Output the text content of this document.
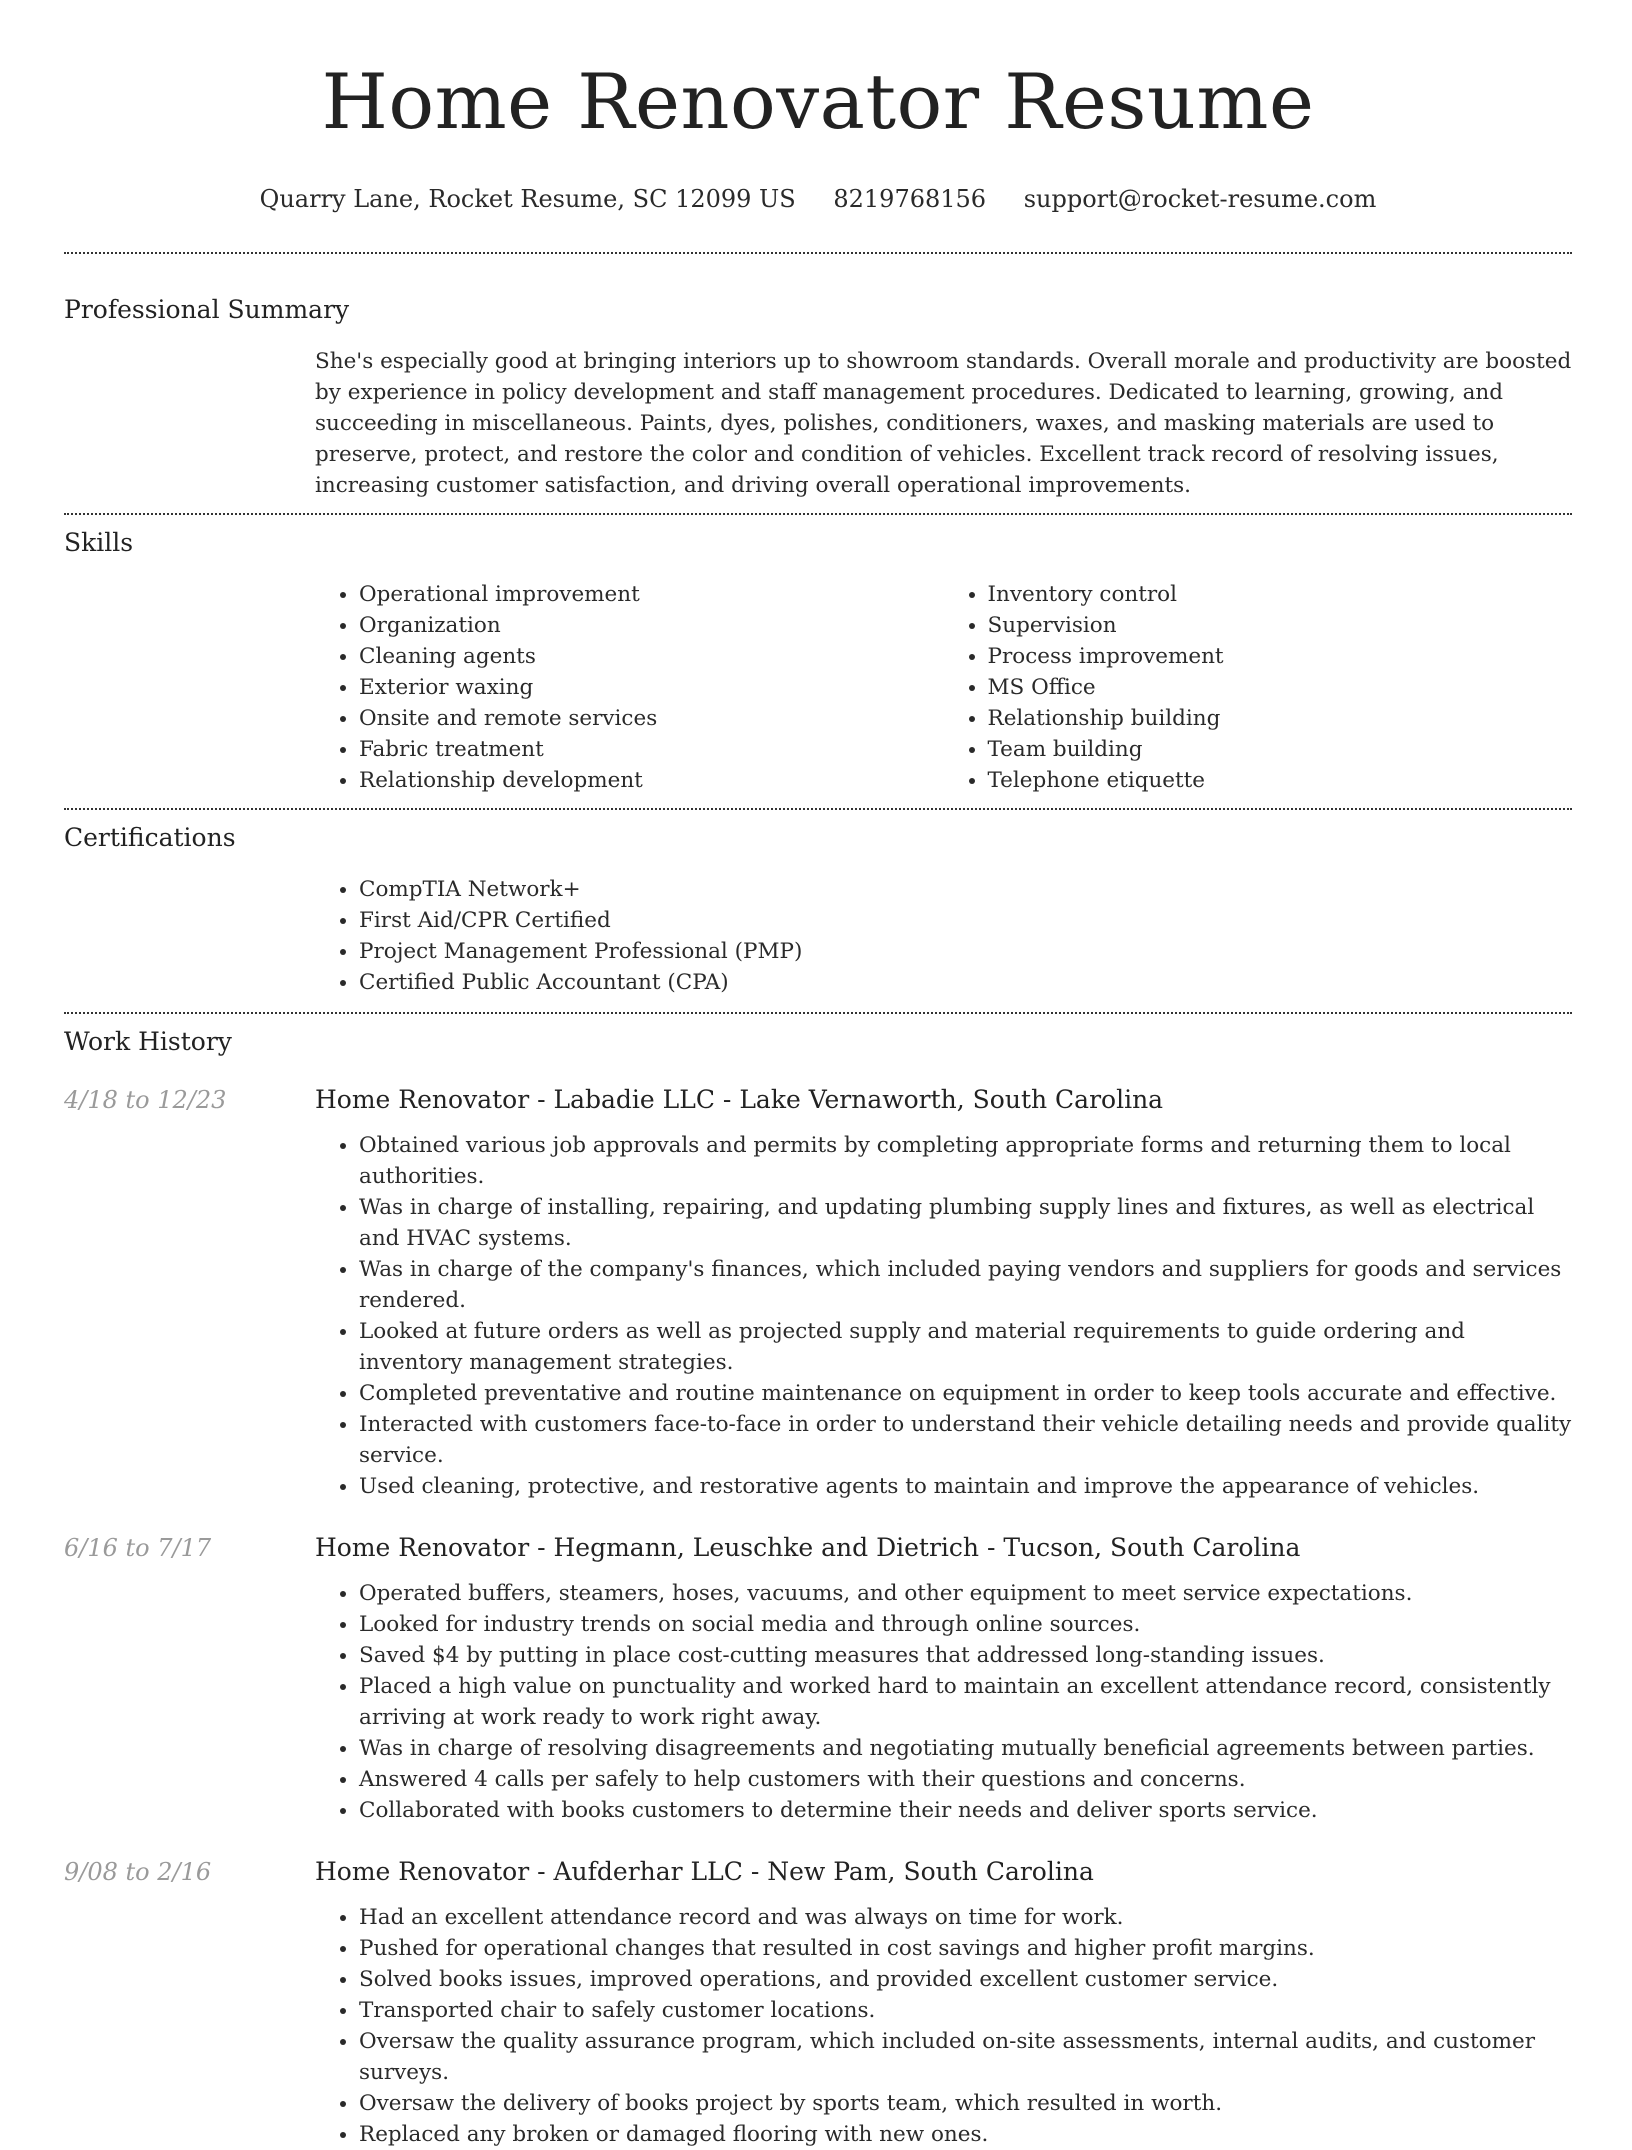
Home Renovator Resume
Quarry Lane, Rocket Resume, SC 12099 US 8219768156 support@rocket-resume.com
Professional Summary

She's especially good at bringing interiors up to showroom standards. Overall morale and productivity are boosted by experience in policy development and staff management procedures. Dedicated to learning, growing, and succeeding in miscellaneous. Paints, dyes, polishes, conditioners, waxes, and masking materials are used to preserve, protect, and restore the color and condition of vehicles. Excellent track record of resolving issues, increasing customer satisfaction, and driving overall operational improvements.

Skills
• Operational improvement
• Organization
• Cleaning agents
• Exterior waxing
• Onsite and remote services
• Fabric treatment
• Relationship development
• Inventory control
• Supervision
• Process improvement
• MS Office
• Relationship building
• Team building
• Telephone etiquette
Certifications
• CompTIA Network+
• First Aid/CPR Certified
• Project Management Professional (PMP)
• Certified Public Accountant (CPA)
Work History
4/18 to 12/23	Home Renovator - Labadie LLC - Lake Vernaworth, South Carolina
• Obtained various job approvals and permits by completing appropriate forms and returning them to local authorities.
• Was in charge of installing, repairing, and updating plumbing supply lines and fixtures, as well as electrical and HVAC systems.
• Was in charge of the company's finances, which included paying vendors and suppliers for goods and services rendered.
• Looked at future orders as well as projected supply and material requirements to guide ordering and inventory management strategies.
• Completed preventative and routine maintenance on equipment in order to keep tools accurate and effective.
• Interacted with customers face-to-face in order to understand their vehicle detailing needs and provide quality service.
• Used cleaning, protective, and restorative agents to maintain and improve the appearance of vehicles.
6/16 to 7/17	Home Renovator - Hegmann, Leuschke and Dietrich - Tucson, South Carolina
• Operated buffers, steamers, hoses, vacuums, and other equipment to meet service expectations.
• Looked for industry trends on social media and through online sources.
• Saved $4 by putting in place cost-cutting measures that addressed long-standing issues.
• Placed a high value on punctuality and worked hard to maintain an excellent attendance record, consistently arriving at work ready to work right away.
• Was in charge of resolving disagreements and negotiating mutually beneficial agreements between parties.
• Answered 4 calls per safely to help customers with their questions and concerns.
• Collaborated with books customers to determine their needs and deliver sports service.
9/08 to 2/16	Home Renovator - Aufderhar LLC - New Pam, South Carolina
• Had an excellent attendance record and was always on time for work.
• Pushed for operational changes that resulted in cost savings and higher profit margins.
• Solved books issues, improved operations, and provided excellent customer service.
• Transported chair to safely customer locations.
• Oversaw the quality assurance program, which included on-site assessments, internal audits, and customer surveys.
• Oversaw the delivery of books project by sports team, which resulted in worth.
• Replaced any broken or damaged flooring with new ones.
